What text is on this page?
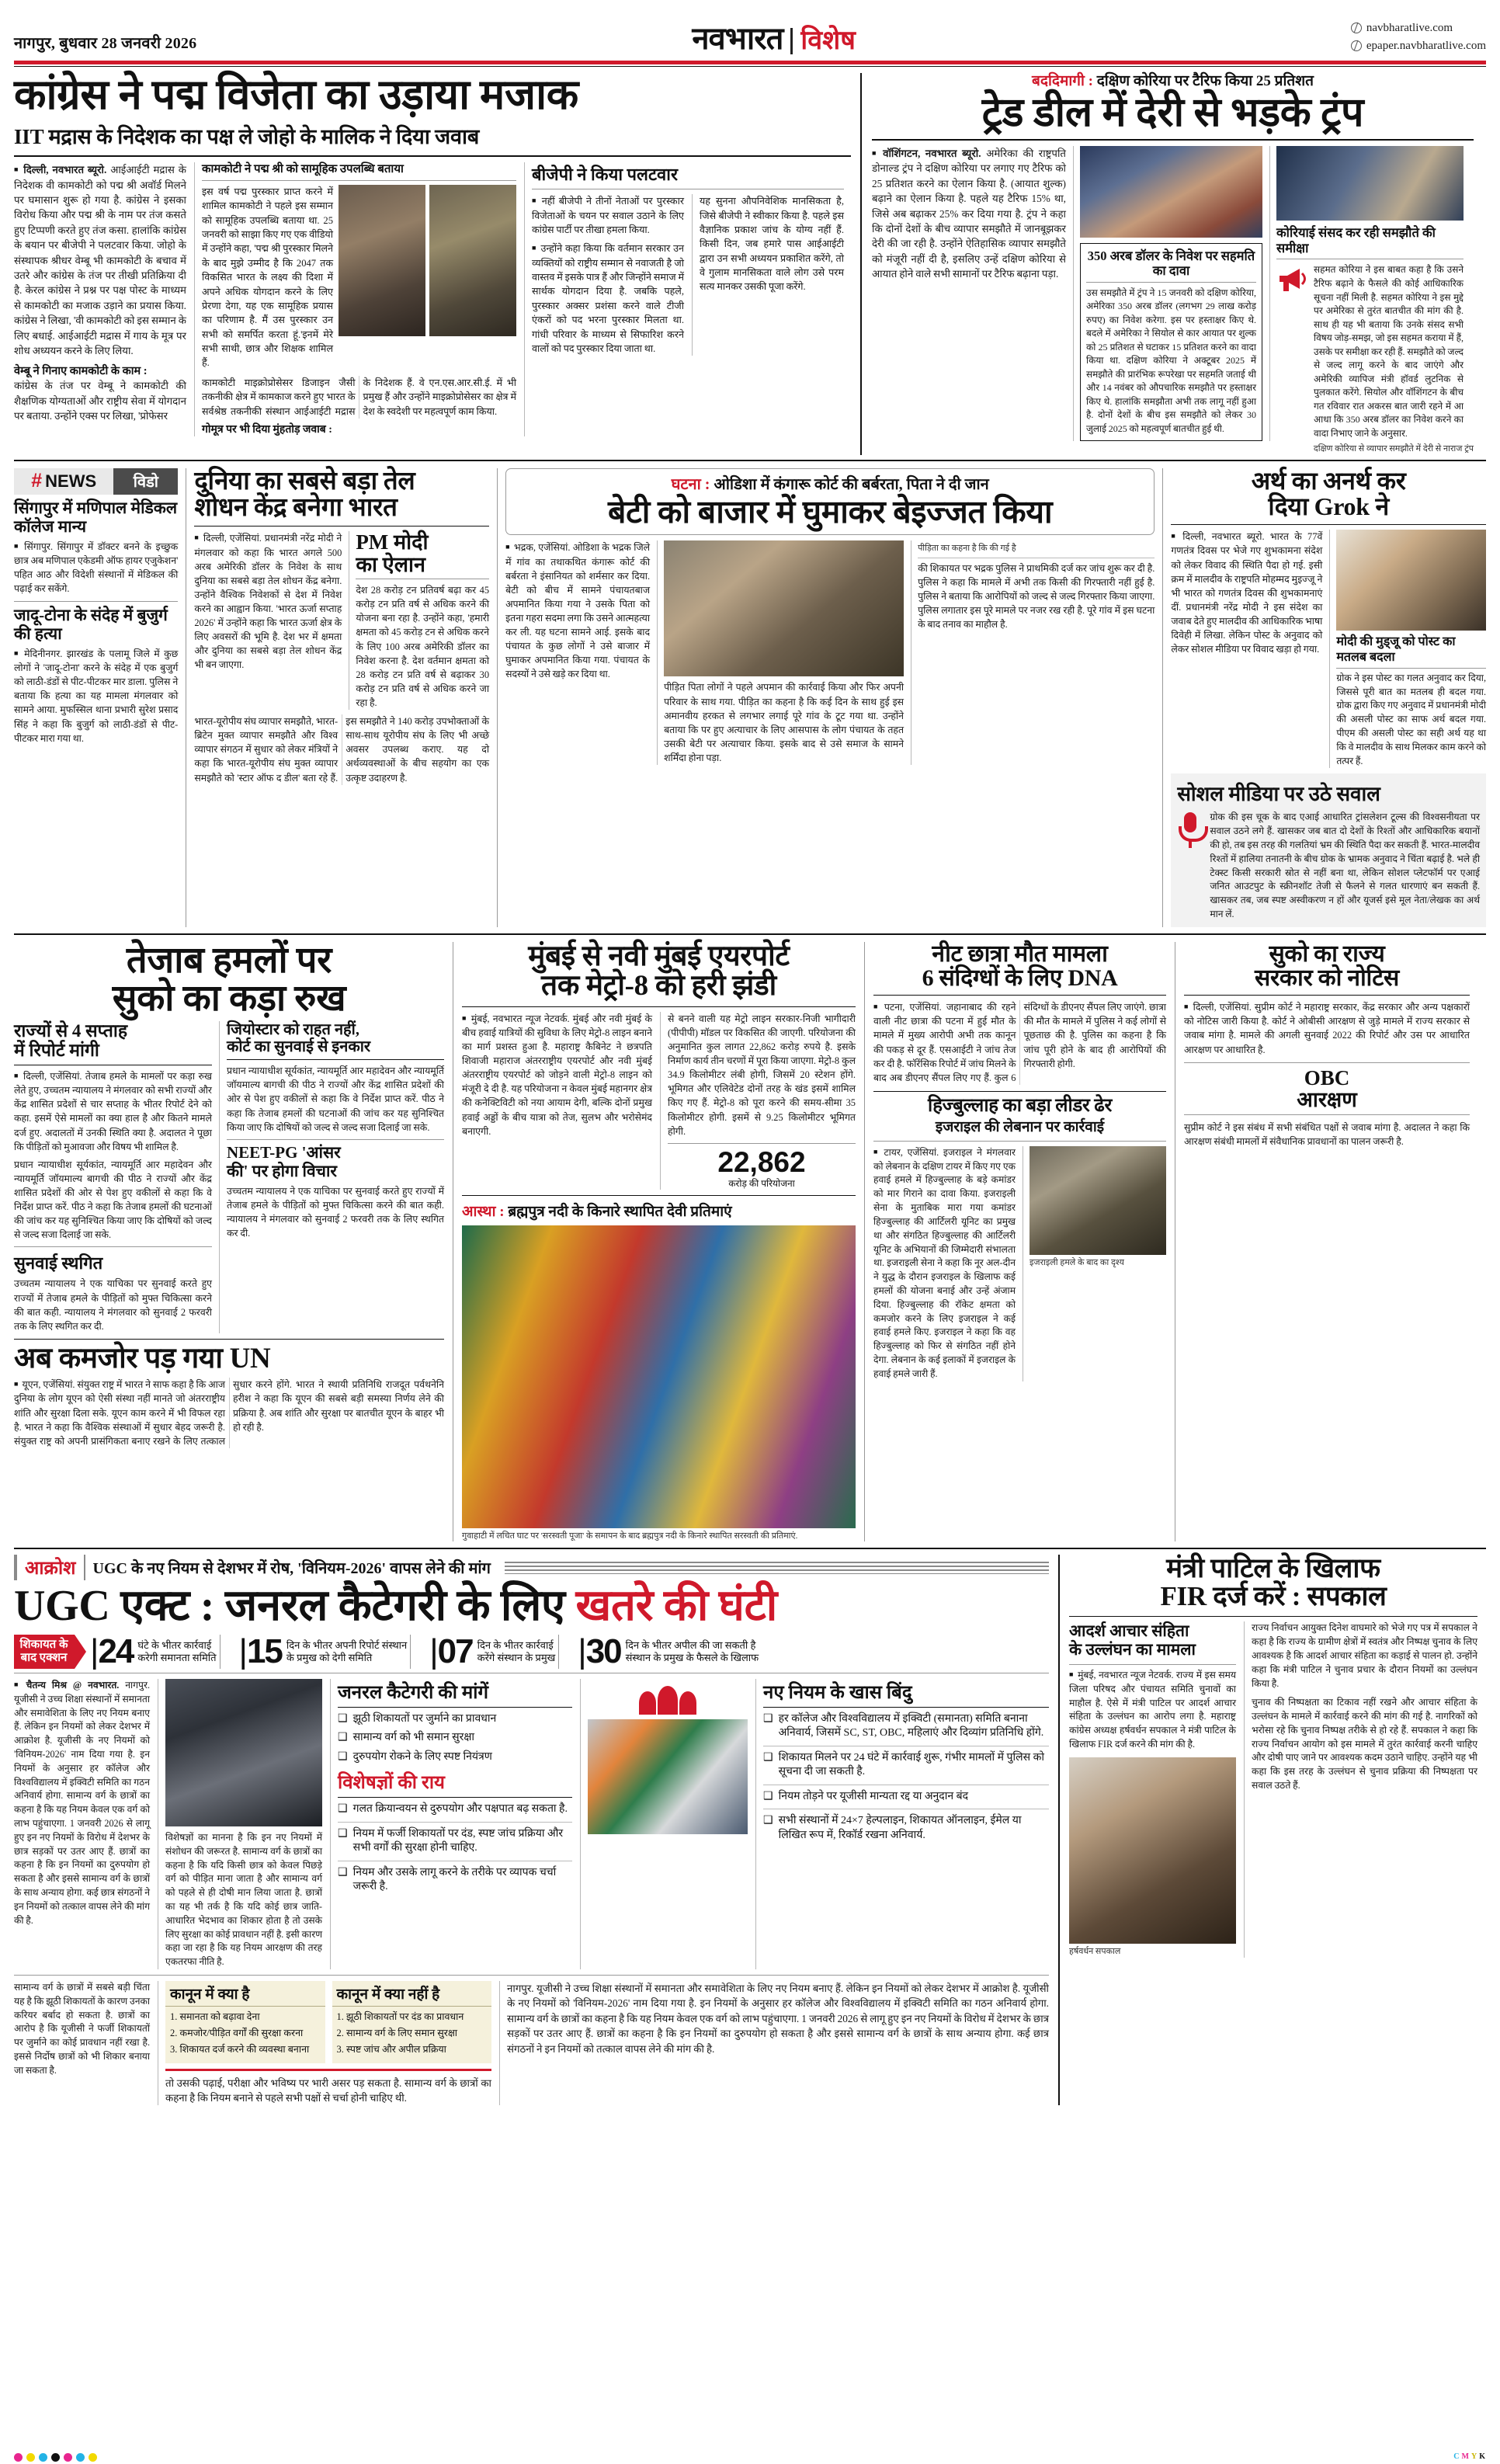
नागपुर, बुधवार 28 जनवरी 2026	नवभारत विशेष	navbharatlive.com
epaper.navbharatlive.com
कांग्रेस ने पद्म विजेता का उड़ाया मजाक
IIT मद्रास के निदेशक का पक्ष ले जोहो के मालिक ने दिया जवाब
■ दिल्ली, नवभारत ब्यूरो. आईआईटी मद्रास के निदेशक वी कामकोटी को पद्म श्री अवॉर्ड मिलने पर घमासान शुरू हो गया है. कांग्रेस ने इसका विरोध किया और पद्म श्री के नाम पर तंज कसते हुए टिप्पणी करते हुए तंज कसा. हालांकि कांग्रेस के बयान पर बीजेपी ने पलटवार किया. जोहो के संस्थापक श्रीधर वेम्बू भी कामकोटी के बचाव में उतरे और कांग्रेस के तंज पर तीखी प्रतिक्रिया दी है. केरल कांग्रेस ने प्रश्न पर पक्ष पोस्ट के माध्यम से कामकोटी का मजाक उड़ाने का प्रयास किया. कांग्रेस ने लिखा, 'वी कामकोटी को इस सम्मान के लिए बधाई. आईआईटी मद्रास में गाय के मूत्र पर शोध अध्ययन करने के लिए लिया.
वेम्बू ने गिनाए कामकोटी के काम :
कांग्रेस के तंज पर वेम्बू ने कामकोटी की शैक्षणिक योग्यताओं और राष्ट्रीय सेवा में योगदान पर बताया. उन्होंने एक्स पर लिखा, 'प्रोफेसर
कामकोटी ने पद्म श्री को सामूहिक उपलब्धि बताया
इस वर्ष पद्म पुरस्कार प्राप्त करने में शामिल कामकोटी ने पहले इस सम्मान को सामूहिक उपलब्धि बताया था. 25 जनवरी को साझा किए गए एक वीडियो में उन्होंने कहा, 'पद्म श्री पुरस्कार मिलने के बाद मुझे उम्मीद है कि 2047 तक विकसित भारत के लक्ष्य की दिशा में अपने अधिक योगदान करने के लिए प्रेरणा देगा, यह एक सामूहिक प्रयास का परिणाम है. मैं उस पुरस्कार उन सभी को समर्पित करता हूं.'इनमें मेरे सभी साथी, छात्र और शिक्षक शामिल हैं.
कामकोटी माइक्रोप्रोसेसर डिजाइन जैसी तकनीकी क्षेत्र में कामकाज करने हुए भारत के सर्वश्रेष्ठ तकनीकी संस्थान आईआईटी मद्रास के निदेशक हैं. वे एन.एस.आर.सी.ई. में भी प्रमुख हैं और उन्होंने माइक्रोप्रोसेसर का क्षेत्र में देश के स्वदेशी पर महत्वपूर्ण काम किया.
गोमूत्र पर भी दिया मुंहतोड़ जवाब :
बीजेपी ने किया पलटवार
■ नहीं बीजेपी ने तीनों नेताओं पर पुरस्कार विजेताओं के चयन पर सवाल उठाने के लिए कांग्रेस पार्टी पर तीखा हमला किया.
■ उन्होंने कहा किया कि वर्तमान सरकार उन व्यक्तियों को राष्ट्रीय सम्मान से नवाजती है जो वास्तव में इसके पात्र हैं और जिन्होंने समाज में सार्थक योगदान दिया है. जबकि पहले, पुरस्कार अक्सर प्रशंसा करने वाले टीजी एंकरों को पद भरना पुरस्कार मिलता था. गांधी परिवार के माध्यम से सिफारिश करने वालों को पद पुरस्कार दिया जाता था.
यह सुनना औपनिवेशिक मानसिकता है, जिसे बीजेपी ने स्वीकार किया है. पहले इस वैज्ञानिक प्रकाश जांच के योग्य नहीं हैं. किसी दिन, जब हमारे पास आईआईटी द्वारा उन सभी अध्ययन प्रकाशित करेंगे, तो वे गुलाम मानसिकता वाले लोग उसे परम सत्य मानकर उसकी पूजा करेंगे.
बददिमागी : दक्षिण कोरिया पर टैरिफ किया 25 प्रतिशत
ट्रेड डील में देरी से भड़के ट्रंप
■ वॉशिंगटन, नवभारत ब्यूरो. अमेरिका की राष्ट्रपति डोनाल्ड ट्रंप ने दक्षिण कोरिया पर लगाए गए टैरिफ को 25 प्रतिशत करने का ऐलान किया है. (आयात शुल्क) बढ़ाने का ऐलान किया है. पहले यह टैरिफ 15% था, जिसे अब बढ़ाकर 25% कर दिया गया है. ट्रंप ने कहा कि दोनों देशों के बीच व्यापार समझौते में जानबूझकर देरी की जा रही है. उन्होंने ऐतिहासिक व्यापार समझौते को मंजूरी नहीं दी है, इसलिए उन्हें दक्षिण कोरिया से आयात होने वाले सभी सामानों पर टैरिफ बढ़ाना पड़ा.
350 अरब डॉलर के निवेश पर सहमति का दावा
उस समझौते में ट्रंप ने 15 जनवरी को दक्षिण कोरिया, अमेरिका 350 अरब डॉलर (लगभग 29 लाख करोड़ रुपए) का निवेश करेगा. इस पर हस्ताक्षर किए थे. बदले में अमेरिका ने सियोल से कार आयात पर शुल्क को 25 प्रतिशत से घटाकर 15 प्रतिशत करने का वादा किया था. दक्षिण कोरिया ने अक्टूबर 2025 में समझौते की प्रारंभिक रूपरेखा पर सहमति जताई थी और 14 नवंबर को औपचारिक समझौते पर हस्ताक्षर किए थे. हालांकि समझौता अभी तक लागू नहीं हुआ है. दोनों देशों के बीच इस समझौते को लेकर 30 जुलाई 2025 को महत्वपूर्ण बातचीत हुई थी.
कोरियाई संसद कर रही समझौते की समीक्षा
सहमत कोरिया ने इस बाबत कहा है कि उसने टैरिफ बढ़ाने के फैसले की कोई आधिकारिक सूचना नहीं मिली है. सहमत कोरिया ने इस मुद्दे पर अमेरिका से तुरंत बातचीत की मांग की है. साथ ही यह भी बताया कि उनके संसद सभी विषय जोड़-समझ, जो इस सहमत कराया में हैं, उसके पर समीक्षा कर रही हैं. समझौते को जल्द से जल्द लागू करने के बाद जाएंगे और अमेरिकी व्यापिज मंत्री हॉवर्ड लुटनिक से पुलकात करेंगे. सियोल और वॉशिंगटन के बीच गत रविवार रात अकरस बात जारी रहने में आ आधा कि 350 अरब डॉलर का निवेश करने का वादा निभाए जाने के अनुसार.
दक्षिण कोरिया से व्यापार समझौते में देरी से नाराज ट्रंप
# NEWS	विडो
सिंगापुर में मणिपाल मेडिकल कॉलेज मान्य
■ सिंगापुर. सिंगापुर में डॉक्टर बनने के इच्छुक छात्र अब मणिपाल एकेडमी ऑफ हायर एजुकेशन' पहित आठ और विदेशी संस्थानों में मेडिकल की पढ़ाई कर सकेंगे.
जादू-टोना के संदेह में बुजुर्ग की हत्या
■ मेदिनीनगर. झारखंड के पलामू जिले में कुछ लोगों ने 'जादू-टोना' करने के संदेह में एक बुजुर्ग को लाठी-डंडों से पीट-पीटकर मार डाला. पुलिस ने बताया कि हत्या का यह मामला मंगलवार को सामने आया. मुफस्सिल थाना प्रभारी सुरेश प्रसाद सिंह ने कहा कि बुजुर्ग को लाठी-डंडों से पीट-पीटकर मारा गया था.
दुनिया का सबसे बड़ा तेल
शोधन केंद्र बनेगा भारत
■ दिल्ली, एजेंसियां. प्रधानमंत्री नरेंद्र मोदी ने मंगलवार को कहा कि भारत अगले 500 अरब अमेरिकी डॉलर के निवेश के साथ दुनिया का सबसे बड़ा तेल शोधन केंद्र बनेगा. उन्होंने वैश्विक निवेशकों से देश में निवेश करने का आह्वान किया. 'भारत ऊर्जा सप्ताह 2026' में उन्होंने कहा कि भारत ऊर्जा क्षेत्र के लिए अवसरों की भूमि है. देश भर में क्षमता और दुनिया का सबसे बड़ा तेल शोधन केंद्र भी बन जाएगा.
PM मोदी
का ऐलान
देश 28 करोड़ टन प्रतिवर्ष बढ़ा कर 45 करोड़ टन प्रति वर्ष से अधिक करने की योजना बना रहा है. उन्होंने कहा, 'हमारी क्षमता को 45 करोड़ टन से अधिक करने के लिए 100 अरब अमेरिकी डॉलर का निवेश करना है. देश वर्तमान क्षमता को 28 करोड़ टन प्रति वर्ष से बढ़ाकर 30 करोड़ टन प्रति वर्ष से अधिक करने जा रहा है.
भारत-यूरोपीय संघ व्यापार समझौते, भारत-ब्रिटेन मुक्त व्यापार समझौते और विश्व व्यापार संगठन में सुधार को लेकर मंत्रियों ने कहा कि भारत-यूरोपीय संघ मुक्त व्यापार समझौते को 'स्टार ऑफ द डील' बता रहे हैं. इस समझौते ने 140 करोड़ उपभोक्ताओं के साथ-साथ यूरोपीय संघ के लिए भी अच्छे अवसर उपलब्ध कराए. यह दो अर्थव्यवस्थाओं के बीच सहयोग का एक उत्कृष्ट उदाहरण है.
घटना : ओडिशा में कंगारू कोर्ट की बर्बरता, पिता ने दी जान
बेटी को बाजार में घुमाकर बेइज्जत किया
■ भद्रक, एजेंसियां. ओडिशा के भद्रक जिले में गांव का तथाकथित कंगारू कोर्ट की बर्बरता ने इंसानियत को शर्मसार कर दिया. बेटी को बीच में सामने पंचायतबाज अपमानित किया गया ने उसके पिता को इतना गहरा सदमा लगा कि उसने आत्महत्या कर ली. यह घटना सामने आई. इसके बाद पंचायत के कुछ लोगों ने उसे बाजार में घुमाकर अपमानित किया गया. पंचायत के सदस्यों ने उसे खड़े कर दिया था.
पीड़ित पिता लोगों ने पहले अपमान की कार्रवाई किया और फिर अपनी परिवार के साथ गया. पीड़ित का कहना है कि कई दिन के साथ हुई इस अमानवीय हरकत से लगभार लगाई पूरे गांव के टूट गया था. उन्होंने बताया कि पर हुए अत्याचार के लिए आसपास के लोग पंचायत के तहत उसकी बेटी पर अत्याचार किया. इसके बाद से उसे समाज के सामने शर्मिंदा होना पड़ा.
पीड़िता का कहना है कि की गई है
की शिकायत पर भद्रक पुलिस ने प्राथमिकी दर्ज कर जांच शुरू कर दी है. पुलिस ने कहा कि मामले में अभी तक किसी की गिरफ्तारी नहीं हुई है. पुलिस ने बताया कि आरोपियों को जल्द से जल्द गिरफ्तार किया जाएगा. पुलिस लगातार इस पूरे मामले पर नजर रख रही है. पूरे गांव में इस घटना के बाद तनाव का माहौल है.
अर्थ का अनर्थ कर
दिया Grok ने
■ दिल्ली, नवभारत ब्यूरो. भारत के 77वें गणतंत्र दिवस पर भेजे गए शुभकामना संदेश को लेकर विवाद की स्थिति पैदा हो गई. इसी क्रम में मालदीव के राष्ट्रपति मोहम्मद मुइज्जू ने भी भारत को गणतंत्र दिवस की शुभकामनाएं दीं. प्रधानमंत्री नरेंद्र मोदी ने इस संदेश का जवाब देते हुए मालदीव की आधिकारिक भाषा दिवेही में लिखा. लेकिन पोस्ट के अनुवाद को लेकर सोशल मीडिया पर विवाद खड़ा हो गया.
मोदी की मुड्जूू को पोस्ट का मतलब बदला
ग्रोक ने इस पोस्ट का गलत अनुवाद कर दिया, जिससे पूरी बात का मतलब ही बदल गया. ग्रोक द्वारा किए गए अनुवाद में प्रधानमंत्री मोदी की असली पोस्ट का साफ अर्थ बदल गया. पीएम की असली पोस्ट का सही अर्थ यह था कि वे मालदीव के साथ मिलकर काम करने को तत्पर हैं.
सोशल मीडिया पर उठे सवाल
ग्रोक की इस चूक के बाद एआई आधारित ट्रांसलेशन टूल्स की विश्वसनीयता पर सवाल उठने लगे हैं. खासकर जब बात दो देशों के रिश्तों और आधिकारिक बयानों की हो, तब इस तरह की गलतियां भ्रम की स्थिति पैदा कर सकती हैं. भारत-मालदीव रिश्तों में हालिया तनातनी के बीच ग्रोक के भ्रामक अनुवाद ने चिंता बढ़ाई है. भले ही टेक्स्ट किसी सरकारी स्रोत से नहीं बना था, लेकिन सोशल प्लेटफॉर्म पर एआई जनित आउटपुट के स्क्रीनशॉट तेजी से फैलने से गलत धारणाएं बन सकती हैं. खासकर तब, जब स्पष्ट अस्वीकरण न हों और यूजर्स इसे मूल नेता/लेखक का अर्थ मान लें.
तेजाब हमलों पर
सुको का कड़ा रुख
राज्यों से 4 सप्ताह
में रिपोर्ट मांगी
■ दिल्ली, एजेंसियां. तेजाब हमले के मामलों पर कड़ा रुख लेते हुए, उच्चतम न्यायालय ने मंगलवार को सभी राज्यों और केंद्र शासित प्रदेशों से चार सप्ताह के भीतर रिपोर्ट देने को कहा. इसमें ऐसे मामलों का क्या हाल है और कितने मामले दर्ज हुए. अदालतों में उनकी स्थिति क्या है. अदालत ने पूछा कि पीड़ितों को मुआवजा और विषय भी शामिल है.
प्रधान न्यायाधीश सूर्यकांत, न्यायमूर्ति आर महादेवन और न्यायमूर्ति जॉयमाल्य बागची की पीठ ने राज्यों और केंद्र शासित प्रदेशों की ओर से पेश हुए वकीलों से कहा कि वे निर्देश प्राप्त करें. पीठ ने कहा कि तेजाब हमलों की घटनाओं की जांच कर यह सुनिश्चित किया जाए कि दोषियों को जल्द से जल्द सजा दिलाई जा सके.
सुनवाई स्थगित
उच्चतम न्यायालय ने एक याचिका पर सुनवाई करते हुए राज्यों में तेजाब हमले के पीड़ितों को मुफ्त चिकित्सा करने की बात कही. न्यायालय ने मंगलवार को सुनवाई 2 फरवरी तक के लिए स्थगित कर दी.
जियोस्टार को राहत नहीं,
कोर्ट का सुनवाई से इनकार
प्रधान न्यायाधीश सूर्यकांत, न्यायमूर्ति आर महादेवन और न्यायमूर्ति जॉयमाल्य बागची की पीठ ने राज्यों और केंद्र शासित प्रदेशों की ओर से पेश हुए वकीलों से कहा कि वे निर्देश प्राप्त करें. पीठ ने कहा कि तेजाब हमलों की घटनाओं की जांच कर यह सुनिश्चित किया जाए कि दोषियों को जल्द से जल्द सजा दिलाई जा सके.
NEET-PG 'आंसर
की' पर होगा विचार
उच्चतम न्यायालय ने एक याचिका पर सुनवाई करते हुए राज्यों में तेजाब हमले के पीड़ितों को मुफ्त चिकित्सा करने की बात कही. न्यायालय ने मंगलवार को सुनवाई 2 फरवरी तक के लिए स्थगित कर दी.
अब कमजोर पड़ गया UN
■ यूएन, एजेंसियां. संयुक्त राष्ट्र में भारत ने साफ कहा है कि आज दुनिया के लोग यूएन को ऐसी संस्था नहीं मानते जो अंतरराष्ट्रीय शांति और सुरक्षा दिला सके. यूएन काम करने में भी विफल रहा है. भारत ने कहा कि वैश्विक संस्थाओं में सुधार बेहद जरूरी है. संयुक्त राष्ट्र को अपनी प्रासंगिकता बनाए रखने के लिए तत्काल सुधार करने होंगे. भारत ने स्थायी प्रतिनिधि राजदूत पर्वथनेनि हरीश ने कहा कि यूएन की सबसे बड़ी समस्या निर्णय लेने की प्रक्रिया है. अब शांति और सुरक्षा पर बातचीत यूएन के बाहर भी हो रही है.
मुंबई से नवी मुंबई एयरपोर्ट
तक मेट्रो-8 को हरी झंडी
■ मुंबई, नवभारत न्यूज नेटवर्क. मुंबई और नवी मुंबई के बीच हवाई यात्रियों की सुविधा के लिए मेट्रो-8 लाइन बनाने का मार्ग प्रशस्त हुआ है. महाराष्ट्र कैबिनेट ने छत्रपति शिवाजी महाराज अंतरराष्ट्रीय एयरपोर्ट और नवी मुंबई अंतरराष्ट्रीय एयरपोर्ट को जोड़ने वाली मेट्रो-8 लाइन को मंजूरी दे दी है. यह परियोजना न केवल मुंबई महानगर क्षेत्र की कनेक्टिविटी को नया आयाम देगी, बल्कि दोनों प्रमुख हवाई अड्डों के बीच यात्रा को तेज, सुलभ और भरोसेमंद बनाएगी.
से बनने वाली यह मेट्रो लाइन सरकार-निजी भागीदारी (पीपीपी) मॉडल पर विकसित की जाएगी. परियोजना की अनुमानित कुल लागत 22,862 करोड़ रुपये है. इसके निर्माण कार्य तीन चरणों में पूरा किया जाएगा. मेट्रो-8 कुल 34.9 किलोमीटर लंबी होगी, जिसमें 20 स्टेशन होंगे. भूमिगत और एलिवेटेड दोनों तरह के खंड इसमें शामिल किए गए हैं. मेट्रो-8 को पूरा करने की समय-सीमा 35 किलोमीटर होगी. इसमें से 9.25 किलोमीटर भूमिगत होगी.
22,862
करोड़ की परियोजना
आस्था : ब्रह्मपुत्र नदी के किनारे स्थापित देवी प्रतिमाएं
गुवाहाटी में लचित घाट पर 'सरस्वती पूजा' के समापन के बाद ब्रह्मपुत्र नदी के किनारे स्थापित सरस्वती की प्रतिमाएं.
नीट छात्रा मौत मामला
6 संदिग्धों के लिए DNA
■ पटना, एजेंसियां. जहानाबाद की रहने वाली नीट छात्रा की पटना में हुई मौत के मामले में मुख्य आरोपी अभी तक कानून की पकड़ से दूर हैं. एसआईटी ने जांच तेज कर दी है. फॉरेंसिक रिपोर्ट में जांच मिलने के बाद अब डीएनए सैंपल लिए गए हैं. कुल 6 संदिग्धों के डीएनए सैंपल लिए जाएंगे. छात्रा की मौत के मामले में पुलिस ने कई लोगों से पूछताछ की है. पुलिस का कहना है कि जांच पूरी होने के बाद ही आरोपियों की गिरफ्तारी होगी.
हिज्बुल्लाह का बड़ा लीडर ढेर
इजराइल की लेबनान पर कार्रवाई
■ टायर, एजेंसियां. इजराइल ने मंगलवार को लेबनान के दक्षिण टायर में किए गए एक हवाई हमले में हिज्बुल्लाह के बड़े कमांडर को मार गिराने का दावा किया. इजराइली सेना के मुताबिक मारा गया कमांडर हिज्बुल्लाह की आर्टिलरी यूनिट का प्रमुख था और संगठित हिज्बुल्लाह की आर्टिलरी यूनिट के अभियानों की जिम्मेदारी संभालता था. इजराइली सेना ने कहा कि नूर अल-दीन ने युद्ध के दौरान इजराइल के खिलाफ कई हमलों की योजना बनाई और उन्हें अंजाम दिया. हिज्बुल्लाह की रॉकेट क्षमता को कमजोर करने के लिए इजराइल ने कई हवाई हमले किए. इजराइल ने कहा कि वह हिज्बुल्लाह को फिर से संगठित नहीं होने देगा. लेबनान के कई इलाकों में इजराइल के हवाई हमले जारी हैं.
इजराइली हमले के बाद का दृश्य
सुको का राज्य
सरकार को नोटिस
■ दिल्ली, एजेंसियां. सुप्रीम कोर्ट ने महाराष्ट्र सरकार, केंद्र सरकार और अन्य पक्षकारों को नोटिस जारी किया है. कोर्ट ने ओबीसी आरक्षण से जुड़े मामले में राज्य सरकार से जवाब मांगा है. मामले की अगली सुनवाई 2022 की रिपोर्ट और उस पर आधारित आरक्षण पर आधारित है.
OBC
आरक्षण
सुप्रीम कोर्ट ने इस संबंध में सभी संबंधित पक्षों से जवाब मांगा है. अदालत ने कहा कि आरक्षण संबंधी मामलों में संवैधानिक प्रावधानों का पालन जरूरी है.
आक्रोश	UGC के नए नियम से देशभर में रोष, 'विनियम-2026' वापस लेने की मांग
UGC एक्ट : जनरल कैटेगरी के लिए खतरे की घंटी
शिकायत के
बाद एक्शन | 24 घंटे के भीतर कार्रवाई
करेगी समानता समिति | 15 दिन के भीतर अपनी रिपोर्ट संस्थान
के प्रमुख को देगी समिति	| 07 दिन के भीतर कार्रवाई
करेंगे संस्थान के प्रमुख | 30 दिन के भीतर अपील की जा सकती है
संस्थान के प्रमुख के फैसले के खिलाफ
■ चैतन्य मिश्र @ नवभारत. नागपुर. यूजीसी ने उच्च शिक्षा संस्थानों में समानता और समावेशिता के लिए नए नियम बनाए हैं. लेकिन इन नियमों को लेकर देशभर में आक्रोश है. यूजीसी के नए नियमों को 'विनियम-2026' नाम दिया गया है. इन नियमों के अनुसार हर कॉलेज और विश्वविद्यालय में इक्विटी समिति का गठन अनिवार्य होगा. सामान्य वर्ग के छात्रों का कहना है कि यह नियम केवल एक वर्ग को लाभ पहुंचाएगा. 1 जनवरी 2026 से लागू हुए इन नए नियमों के विरोध में देशभर के छात्र सड़कों पर उतर आए हैं. छात्रों का कहना है कि इन नियमों का दुरुपयोग हो सकता है और इससे सामान्य वर्ग के छात्रों के साथ अन्याय होगा. कई छात्र संगठनों ने इन नियमों को तत्काल वापस लेने की मांग की है.
विशेषज्ञों का मानना है कि इन नए नियमों में संशोधन की जरूरत है. सामान्य वर्ग के छात्रों का कहना है कि यदि किसी छात्र को केवल पिछड़े वर्ग को पीड़ित माना जाता है और सामान्य वर्ग को पहले से ही दोषी मान लिया जाता है. छात्रों का यह भी तर्क है कि यदि कोई छात्र जाति-आधारित भेदभाव का शिकार होता है तो उसके लिए सुरक्षा का कोई प्रावधान नहीं है. इसी कारण कहा जा रहा है कि यह नियम आरक्षण की तरह एकतरफा नीति है.
जनरल कैटेगरी की मांगें
❑ झूठी शिकायतों पर जुर्माने का प्रावधान
❑ सामान्य वर्ग को भी समान सुरक्षा
❑ दुरुपयोग रोकने के लिए स्पष्ट नियंत्रण
विशेषज्ञों की राय
❑ गलत क्रियान्वयन से दुरुपयोग और पक्षपात बढ़ सकता है.
❑ नियम में फर्जी शिकायतों पर दंड, स्पष्ट जांच प्रक्रिया और सभी वर्गों की सुरक्षा होनी चाहिए.
❑ नियम और उसके लागू करने के तरीके पर व्यापक चर्चा जरूरी है.
नए नियम के खास बिंदु
❑ हर कॉलेज और विश्वविद्यालय में इक्विटी (समानता) समिति बनाना अनिवार्य, जिसमें SC, ST, OBC, महिलाएं और दिव्यांग प्रतिनिधि होंगे.
❑ शिकायत मिलने पर 24 घंटे में कार्रवाई शुरू, गंभीर मामलों में पुलिस को सूचना दी जा सकती है.
❑ नियम तोड़ने पर यूजीसी मान्यता रद्द या अनुदान बंद
❑ सभी संस्थानों में 24×7 हेल्पलाइन, शिकायत ऑनलाइन, ईमेल या लिखित रूप में, रिकॉर्ड रखना अनिवार्य.
सामान्य वर्ग के छात्रों में सबसे बड़ी चिंता यह है कि झूठी शिकायतों के कारण उनका करियर बर्बाद हो सकता है. छात्रों का आरोप है कि यूजीसी ने फर्जी शिकायतों पर जुर्माने का कोई प्रावधान नहीं रखा है. इससे निर्दोष छात्रों को भी शिकार बनाया जा सकता है.
कानून में क्या है
1. समानता को बढ़ावा देना
2. कमजोर/पीड़ित वर्गों की सुरक्षा करना
3. शिकायत दर्ज करने की व्यवस्था बनाना
कानून में क्या नहीं है
1. झूठी शिकायतों पर दंड का प्रावधान
2. सामान्य वर्ग के लिए समान सुरक्षा
3. स्पष्ट जांच और अपील प्रक्रिया
तो उसकी पढ़ाई, परीक्षा और भविष्य पर भारी असर पड़ सकता है. सामान्य वर्ग के छात्रों का कहना है कि नियम बनाने से पहले सभी पक्षों से चर्चा होनी चाहिए थी.
नागपुर. यूजीसी ने उच्च शिक्षा संस्थानों में समानता और समावेशिता के लिए नए नियम बनाए हैं. लेकिन इन नियमों को लेकर देशभर में आक्रोश है. यूजीसी के नए नियमों को 'विनियम-2026' नाम दिया गया है. इन नियमों के अनुसार हर कॉलेज और विश्वविद्यालय में इक्विटी समिति का गठन अनिवार्य होगा. सामान्य वर्ग के छात्रों का कहना है कि यह नियम केवल एक वर्ग को लाभ पहुंचाएगा. 1 जनवरी 2026 से लागू हुए इन नए नियमों के विरोध में देशभर के छात्र सड़कों पर उतर आए हैं. छात्रों का कहना है कि इन नियमों का दुरुपयोग हो सकता है और इससे सामान्य वर्ग के छात्रों के साथ अन्याय होगा. कई छात्र संगठनों ने इन नियमों को तत्काल वापस लेने की मांग की है.
मंत्री पाटिल के खिलाफ
FIR दर्ज करें : सपकाल
आदर्श आचार संहिता
के उल्लंघन का मामला
■ मुंबई, नवभारत न्यूज नेटवर्क. राज्य में इस समय जिला परिषद और पंचायत समिति चुनावों का माहौल है. ऐसे में मंत्री पाटिल पर आदर्श आचार संहिता के उल्लंघन का आरोप लगा है. महाराष्ट्र कांग्रेस अध्यक्ष हर्षवर्धन सपकाल ने मंत्री पाटिल के खिलाफ FIR दर्ज करने की मांग की है.
हर्षवर्धन सपकाल
राज्य निर्वाचन आयुक्त दिनेश वाघमारे को भेजे गए पत्र में सपकाल ने कहा है कि राज्य के ग्रामीण क्षेत्रों में स्वतंत्र और निष्पक्ष चुनाव के लिए आवश्यक है कि आदर्श आचार संहिता का कड़ाई से पालन हो. उन्होंने कहा कि मंत्री पाटिल ने चुनाव प्रचार के दौरान नियमों का उल्लंघन किया है.
चुनाव की निष्पक्षता का टिकाव नहीं रखने और आचार संहिता के उल्लंघन के मामले में कार्रवाई करने की मांग की गई है. नागरिकों को भरोसा रहे कि चुनाव निष्पक्ष तरीके से हो रहे हैं. सपकाल ने कहा कि राज्य निर्वाचन आयोग को इस मामले में तुरंत कार्रवाई करनी चाहिए और दोषी पाए जाने पर आवश्यक कदम उठाने चाहिए. उन्होंने यह भी कहा कि इस तरह के उल्लंघन से चुनाव प्रक्रिया की निष्पक्षता पर सवाल उठते हैं.
C M Y K
